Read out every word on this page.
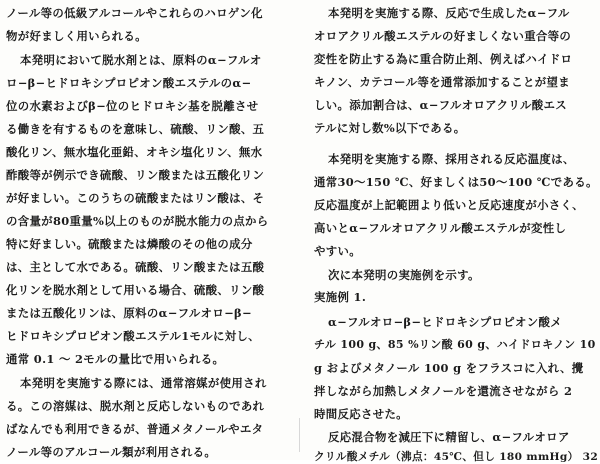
ノール等の低級アルコールやこれらのハロゲン化
物が好ましく用いられる。
本発明において脱水剤とは、原料のα−フルオ
ロ−β−ヒドロキシプロピオン酸エステルのα−
位の水素およびβ−位のヒドロキシ基を脱離させ
る働きを有するものを意味し、硫酸、リン酸、五
酸化リン、無水塩化亜鉛、オキシ塩化リン、無水
酢酸等が例示でき硫酸、リン酸または五酸化リン
が好ましい。このうちの硫酸またはリン酸は、そ
の含量が80重量%以上のものが脱水能力の点から
特に好ましい。硫酸または燐酸のその他の成分
は、主として水である。硫酸、リン酸または五酸
化リンを脱水剤として用いる場合、硫酸、リン酸
または五酸化リンは、原料のα−フルオロ−β−
ヒドロキシプロピオン酸エステル1モルに対し、
通常 0.1 〜 2モルの量比で用いられる。
本発明を実施する際には、通常溶媒が使用され
る。この溶媒は、脱水剤と反応しないものであれ
ばなんでも利用できるが、普通メタノールやエタ
ノール等のアルコール類が利用される。
本発明を実施する際、反応で生成したα−フル
オロアクリル酸エステルの好ましくない重合等の
変性を防止する為に重合防止剤、例えばハイドロ
キノン、カテコール等を通常添加することが望ま
しい。添加割合は、α−フルオロアクリル酸エス
テルに対し数%以下である。
本発明を実施する際、採用される反応温度は、
通常30〜150 ℃、好ましくは50〜100 ℃である。
反応温度が上記範囲より低いと反応速度が小さく、
高いとα−フルオロアクリル酸エステルが変性し
やすい。
次に本発明の実施例を示す。
実施例 1.
α−フルオロ−β−ヒドロキシプロピオン酸メ
チル 100 g、85 %リン酸 60 g、ハイドロキノン 10
g およびメタノール 100 g をフラスコに入れ、攪
拌しながら加熱しメタノールを還流させながら 2
時間反応させた。
反応混合物を減圧下に精留し、α−フルオロア
クリル酸メチル（沸点：45℃、但し 180 mmHg） 32
